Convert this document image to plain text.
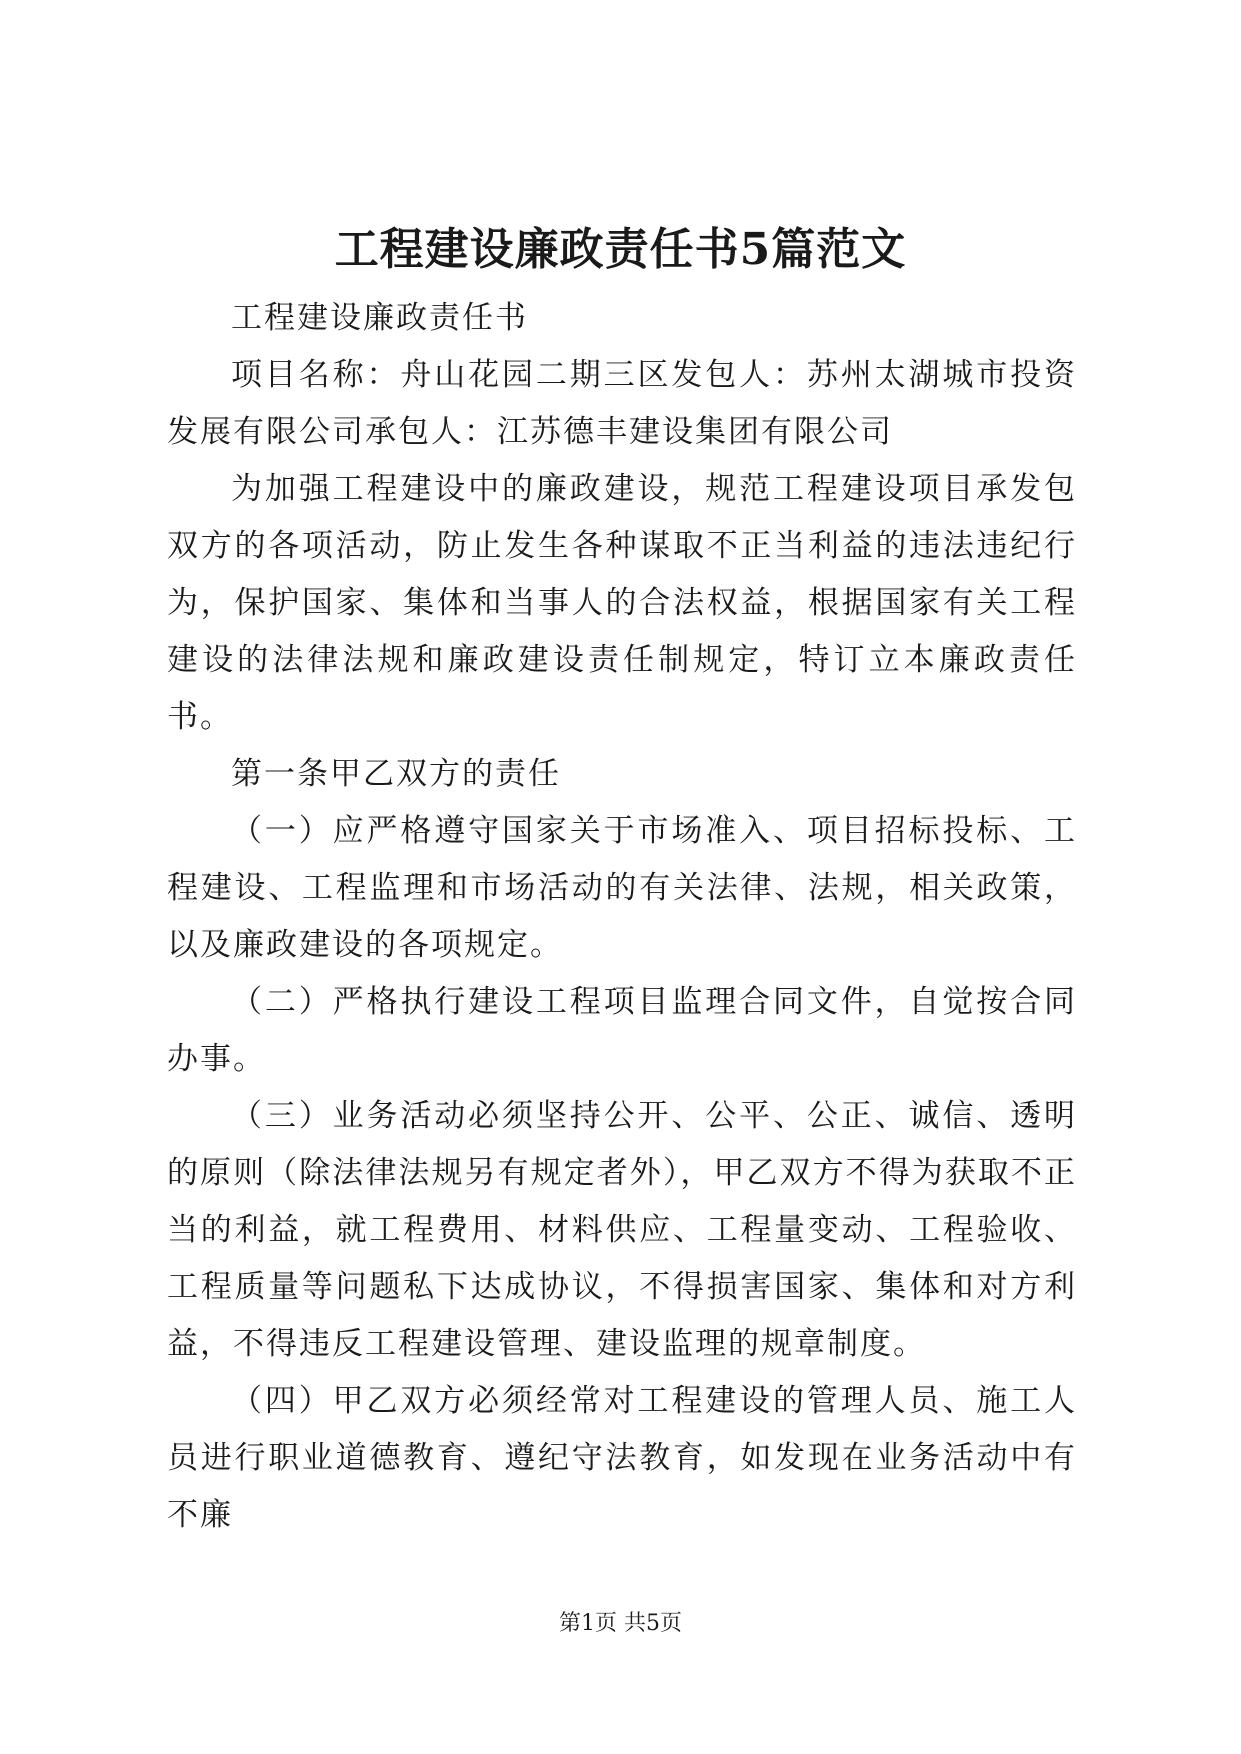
工程建设廉政责任书5篇范文

工程建设廉政责任书

项目名称：舟山花园二期三区发包人：苏州太湖城市投资发展有限公司承包人：江苏德丰建设集团有限公司

为加强工程建设中的廉政建设，规范工程建设项目承发包双方的各项活动，防止发生各种谋取不正当利益的违法违纪行为，保护国家、集体和当事人的合法权益，根据国家有关工程建设的法律法规和廉政建设责任制规定，特订立本廉政责任书。

第一条甲乙双方的责任

（一）应严格遵守国家关于市场准入、项目招标投标、工程建设、工程监理和市场活动的有关法律、法规，相关政策，以及廉政建设的各项规定。

（二）严格执行建设工程项目监理合同文件，自觉按合同办事。

（三）业务活动必须坚持公开、公平、公正、诚信、透明的原则（除法律法规另有规定者外），甲乙双方不得为获取不正当的利益，就工程费用、材料供应、工程量变动、工程验收、工程质量等问题私下达成协议，不得损害国家、集体和对方利益，不得违反工程建设管理、建设监理的规章制度。

（四）甲乙双方必须经常对工程建设的管理人员、施工人员进行职业道德教育、遵纪守法教育，如发现在业务活动中有不廉

第1页 共5页
